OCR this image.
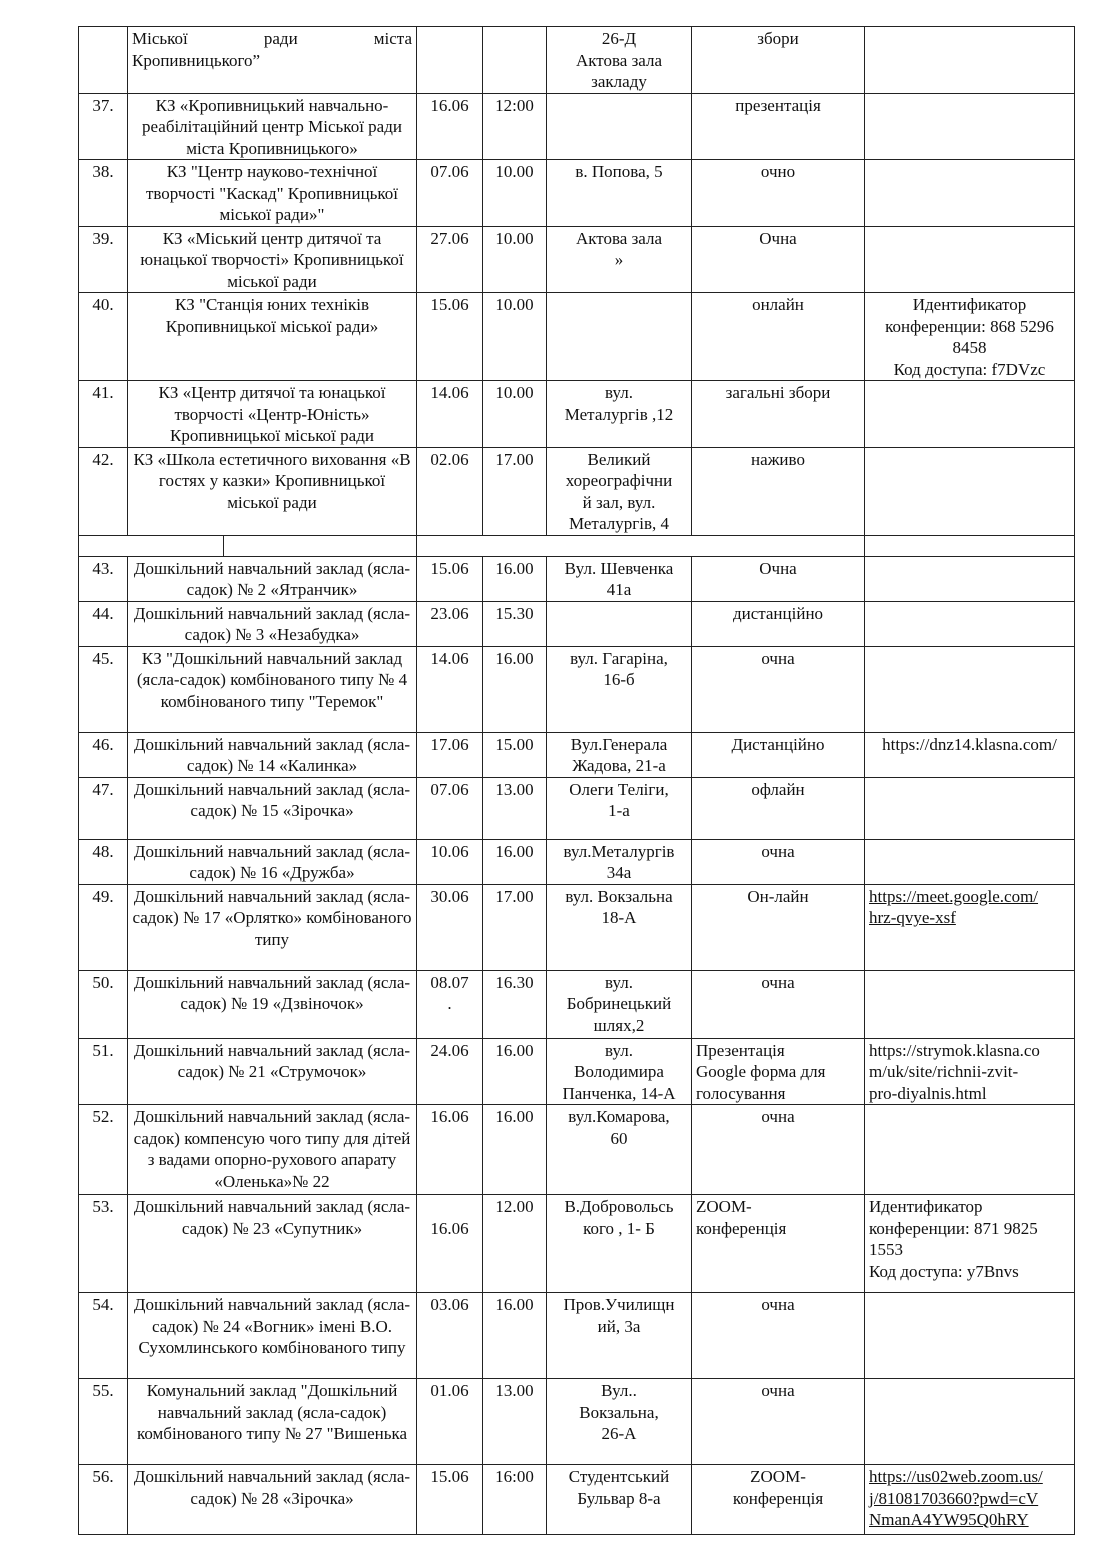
	Міської ради міста
Кропивницького”			26-Д
Актова зала
закладу	збори	
37.	КЗ «Кропивницький навчально-реабілітаційний центр Міської ради міста Кропивницького»	16.06	12:00		презентація	
38.	КЗ "Центр науково-технічної творчості "Каскад" Кропивницької міської ради»"	07.06	10.00	в. Попова, 5	очно	
39.	КЗ «Міський центр дитячої та юнацької творчості» Кропивницької міської ради	27.06	10.00	Актова зала
»	Очна	
40.	КЗ "Станція юних техніків Кропивницької міської ради»	15.06	10.00		онлайн	Идентификатор
конференции: 868 5296
8458
Код доступа: f7DVzc
41.	КЗ «Центр дитячої та юнацької творчості «Центр-Юність» Кропивницької міської ради	14.06	10.00	вул.
Металургів ,12	загальні збори	
42.	КЗ «Школа естетичного виховання «В гостях у казки» Кропивницької міської ради	02.06	17.00	Великий
хореографічни
й зал, вул.
Металургів, 4	наживо	

43.	Дошкільний навчальний заклад (ясла-садок) № 2 «Ятранчик»	15.06	16.00	Вул. Шевченка
41а	Очна	
44.	Дошкільний навчальний заклад (ясла-садок) № 3 «Незабудка»	23.06	15.30		дистанційно	
45.	КЗ "Дошкільний навчальний заклад (ясла-садок) комбінованого типу № 4 комбінованого типу "Теремок"	14.06	16.00	вул. Гагаріна,
16-б	очна	
46.	Дошкільний навчальний заклад (ясла-садок) № 14 «Калинка»	17.06	15.00	Вул.Генерала
Жадова, 21-а	Дистанційно	https://dnz14.klasna.com/
47.	Дошкільний навчальний заклад (ясла-садок) № 15 «Зірочка»	07.06	13.00	Олеги Теліги,
1-а	офлайн	
48.	Дошкільний навчальний заклад (ясла-садок) № 16 «Дружба»	10.06	16.00	вул.Металургів
34а	очна	
49.	Дошкільний навчальний заклад (ясла-садок) № 17 «Орлятко» комбінованого типу	30.06	17.00	вул. Вокзальна
18-А	Он-лайн	https://meet.google.com/
hrz-qvye-xsf
50.	Дошкільний навчальний заклад (ясла-садок) № 19 «Дзвіночок»	08.07
.	16.30	вул.
Бобринецький
шлях,2	очна	
51.	Дошкільний навчальний заклад (ясла-садок) № 21 «Струмочок»	24.06	16.00	вул.
Володимира
Панченка, 14-А	Презентація
Google форма для
голосування	https://strymok.klasna.co
m/uk/site/richnii-zvit-
pro-diyalnis.html
52.	Дошкільний навчальний заклад (ясла-садок) компенсую чого типу для дітей з вадами опорно-рухового апарату «Оленька»№ 22	16.06	16.00	вул.Комарова,
60	очна	
53.	Дошкільний навчальний заклад (ясла-садок) № 23 «Супутник»	
16.06	12.00	В.Добровольсь
кого , 1- Б	ZOOM-
конференція	Идентификатор
конференции: 871 9825
1553
Код доступа: y7Bnvs
54.	Дошкільний навчальний заклад (ясла-садок) № 24 «Вогник» імені В.О. Сухомлинського комбінованого типу	03.06	16.00	Пров.Училищн
ий, 3а	очна	
55.	Комунальний заклад "Дошкільний навчальний заклад (ясла-садок) комбінованого типу № 27 "Вишенька	01.06	13.00	Вул..
Вокзальна,
26-А	очна	
56.	Дошкільний навчальний заклад (ясла-садок) № 28 «Зірочка»	15.06	16:00	Студентський
Бульвар 8-а	ZOOM-
конференція	https://us02web.zoom.us/
j/81081703660?pwd=cV
NmanA4YW95Q0hRY
